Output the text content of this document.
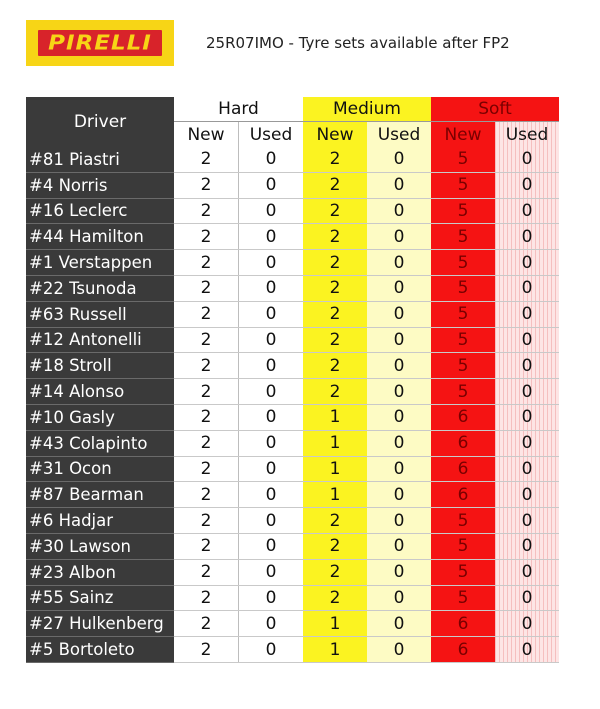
PIRELLI	25R07IMO - Tyre sets available after FP2
Driver	Hard		Medium		Soft	
	New	Used	New	Used	New	Used
#81 Piastri	2	0	2	0	5	0
#4 Norris	2	0	2	0	5	0
#16 Leclerc	2	0	2	0	5	0
#44 Hamilton	2	0	2	0	5	0
#1 Verstappen	2	0	2	0	5	0
#22 Tsunoda	2	0	2	0	5	0
#63 Russell	2	0	2	0	5	0
#12 Antonelli	2	0	2	0	5	0
#18 Stroll	2	0	2	0	5	0
#14 Alonso	2	0	2	0	5	0
#10 Gasly	2	0	1	0	6	0
#43 Colapinto	2	0	1	0	6	0
#31 Ocon	2	0	1	0	6	0
#87 Bearman	2	0	1	0	6	0
#6 Hadjar	2	0	2	0	5	0
#30 Lawson	2	0	2	0	5	0
#23 Albon	2	0	2	0	5	0
#55 Sainz	2	0	2	0	5	0
#27 Hulkenberg	2	0	1	0	6	0
#5 Bortoleto	2	0	1	0	6	0
